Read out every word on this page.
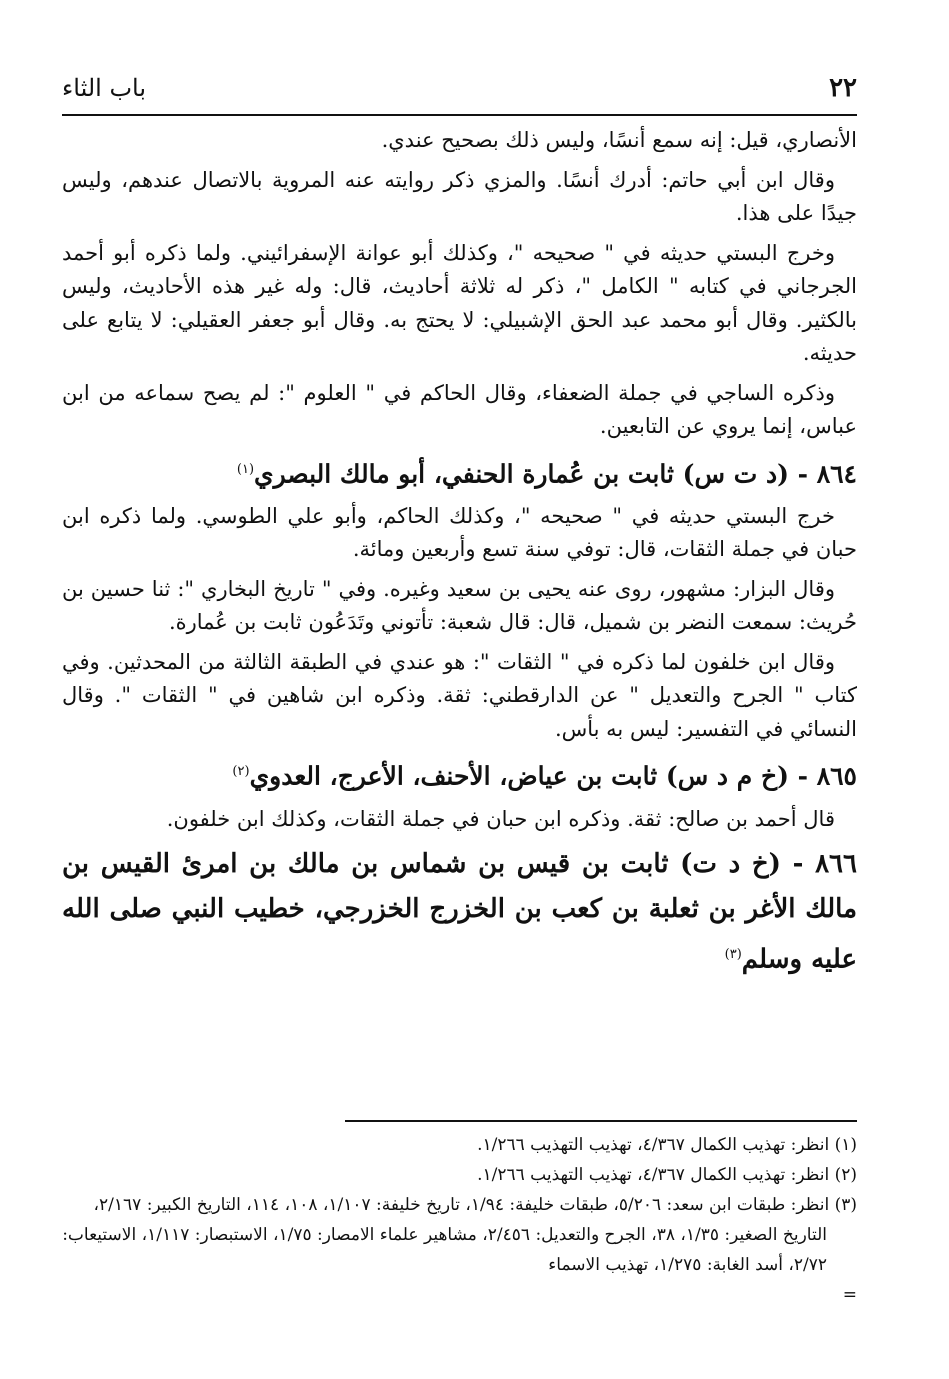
٢٢
باب الثاء

الأنصاري، قيل: إنه سمع أنسًا، وليس ذلك بصحيح عندي.

وقال ابن أبي حاتم: أدرك أنسًا. والمزي ذكر روايته عنه المروية بالاتصال عندهم، وليس جيدًا على هذا.

وخرج البستي حديثه في " صحيحه "، وكذلك أبو عوانة الإسفرائيني. ولما ذكره أبو أحمد الجرجاني في كتابه " الكامل "، ذكر له ثلاثة أحاديث، قال: وله غير هذه الأحاديث، وليس بالكثير. وقال أبو محمد عبد الحق الإشبيلي: لا يحتج به. وقال أبو جعفر العقيلي: لا يتابع على حديثه.

وذكره الساجي في جملة الضعفاء، وقال الحاكم في " العلوم ": لم يصح سماعه من ابن عباس، إنما يروي عن التابعين.

٨٦٤ - (د ت س) ثابت بن عُمارة الحنفي، أبو مالك البصري$^{(١)}$

خرج البستي حديثه في " صحيحه "، وكذلك الحاكم، وأبو علي الطوسي. ولما ذكره ابن حبان في جملة الثقات، قال: توفي سنة تسع وأربعين ومائة.

وقال البزار: مشهور، روى عنه يحيى بن سعيد وغيره. وفي " تاريخ البخاري ": ثنا حسين بن حُريث: سمعت النضر بن شميل، قال: قال شعبة: تأتوني وتَدَعُون ثابت بن عُمارة.

وقال ابن خلفون لما ذكره في " الثقات ": هو عندي في الطبقة الثالثة من المحدثين. وفي كتاب " الجرح والتعديل " عن الدارقطني: ثقة. وذكره ابن شاهين في " الثقات ". وقال النسائي في التفسير: ليس به بأس.

٨٦٥ - (خ م د س) ثابت بن عياض، الأحنف، الأعرج، العدوي$^{(٢)}$

قال أحمد بن صالح: ثقة. وذكره ابن حبان في جملة الثقات، وكذلك ابن خلفون.

٨٦٦ - (خ د ت) ثابت بن قيس بن شماس بن مالك بن امرئ القيس بن مالك الأغر بن ثعلبة بن كعب بن الخزرج الخزرجي، خطيب النبي صلى الله عليه وسلم$^{(٣)}$

(١) انظر: تهذيب الكمال ٤/٣٦٧، تهذيب التهذيب ١/٢٦٦.

(٢) انظر: تهذيب الكمال ٤/٣٦٧، تهذيب التهذيب ١/٢٦٦.

(٣) انظر: طبقات ابن سعد: ٥/٢٠٦، طبقات خليفة: ١/٩٤، تاريخ خليفة: ١/١٠٧، ١٠٨، ١١٤، التاريخ الكبير: ٢/١٦٧، التاريخ الصغير: ١/٣٥، ٣٨، الجرح والتعديل: ٢/٤٥٦، مشاهير علماء الامصار: ١/٧٥، الاستبصار: ١/١١٧، الاستيعاب: ٢/٧٢، أسد الغابة: ١/٢٧٥، تهذيب الاسماء

=
